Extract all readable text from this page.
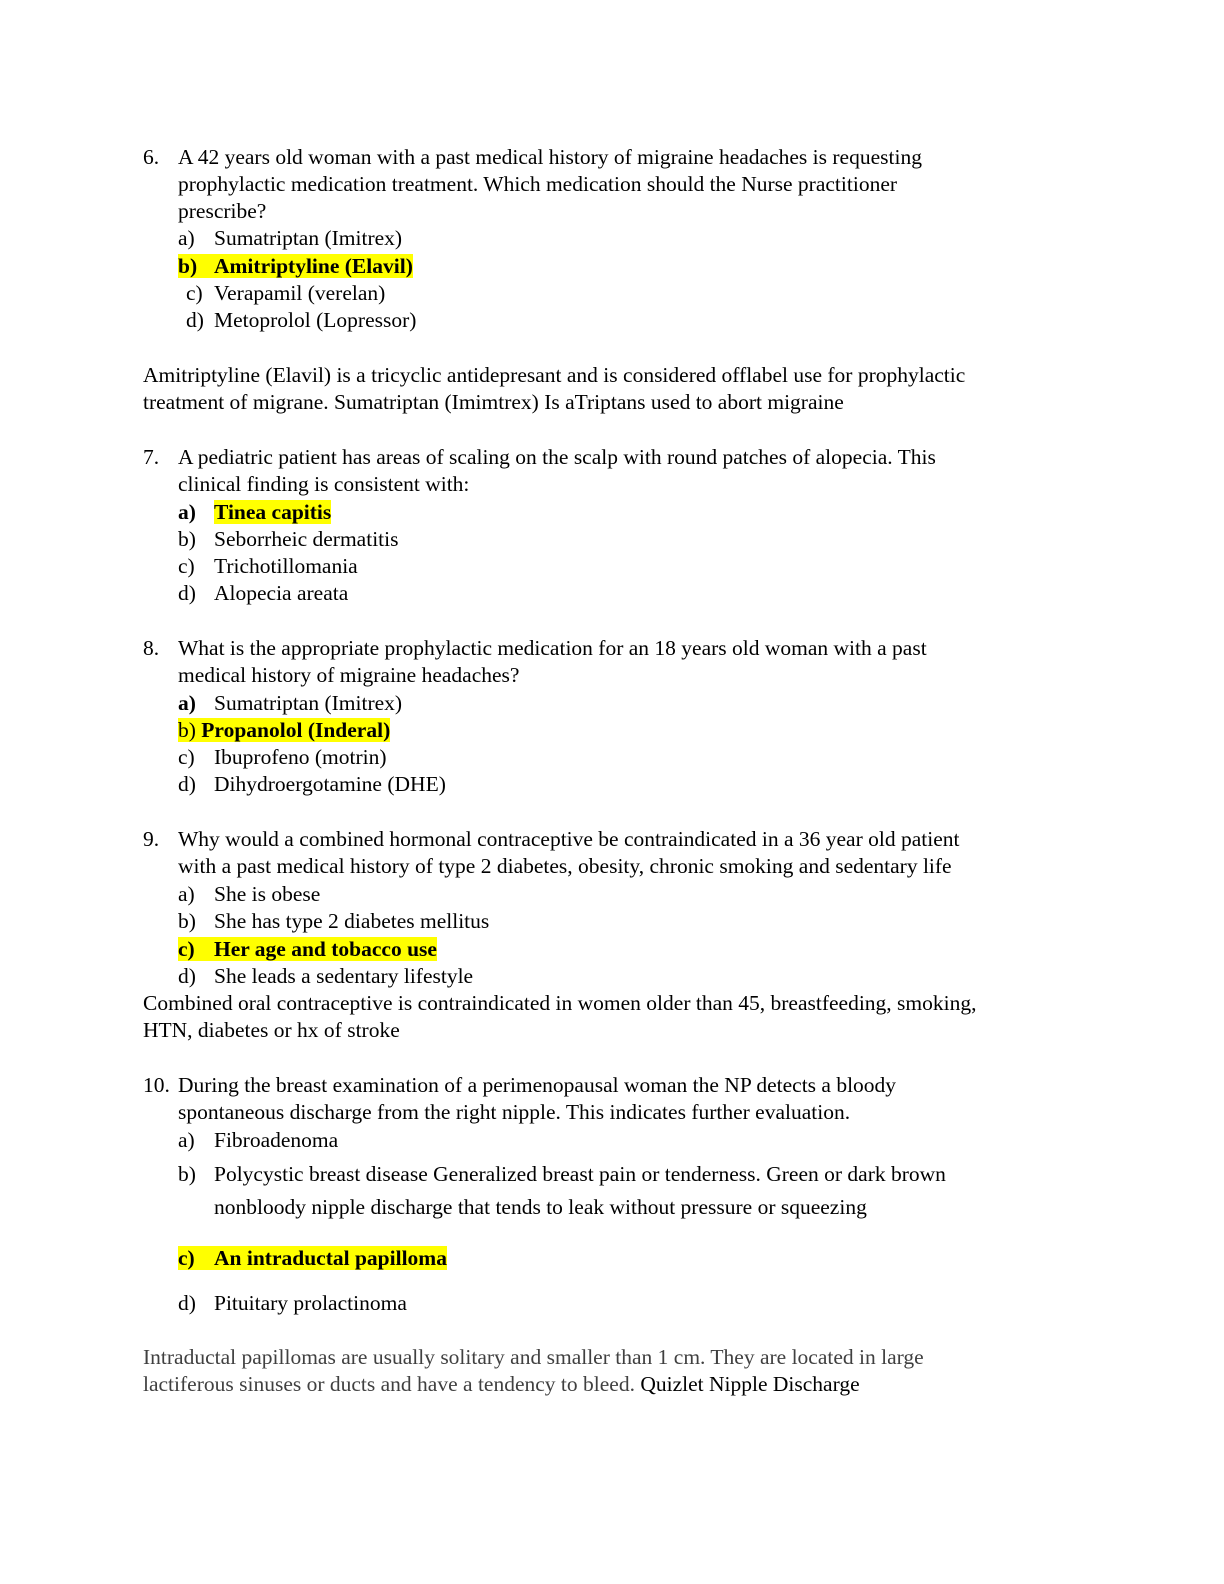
6. A 42 years old woman with a past medical history of migraine headaches is requesting
prophylactic medication treatment. Which medication should the Nurse practitioner
prescribe?
a) Sumatriptan (Imitrex)
b) Amitriptyline (Elavil)
c) Verapamil (verelan)
d) Metoprolol (Lopressor)
Amitriptyline (Elavil) is a tricyclic antidepresant and is considered offlabel use for prophylactic
treatment of migrane. Sumatriptan (Imimtrex) Is aTriptans used to abort migraine
7. A pediatric patient has areas of scaling on the scalp with round patches of alopecia. This
clinical finding is consistent with:
a) Tinea capitis
b) Seborrheic dermatitis
c) Trichotillomania
d) Alopecia areata
8. What is the appropriate prophylactic medication for an 18 years old woman with a past
medical history of migraine headaches?
a) Sumatriptan (Imitrex)
b) Propanolol (Inderal)
c) Ibuprofeno (motrin)
d) Dihydroergotamine (DHE)
9. Why would a combined hormonal contraceptive be contraindicated in a 36 year old patient
with a past medical history of type 2 diabetes, obesity, chronic smoking and sedentary life
a) She is obese
b) She has type 2 diabetes mellitus
c) Her age and tobacco use
d) She leads a sedentary lifestyle
Combined oral contraceptive is contraindicated in women older than 45, breastfeeding, smoking,
HTN, diabetes or hx of stroke
10. During the breast examination of a perimenopausal woman the NP detects a bloody
spontaneous discharge from the right nipple. This indicates further evaluation.
a) Fibroadenoma
b) Polycystic breast disease Generalized breast pain or tenderness. Green or dark brown
nonbloody nipple discharge that tends to leak without pressure or squeezing
c) An intraductal papilloma
d) Pituitary prolactinoma
Intraductal papillomas are usually solitary and smaller than 1 cm. They are located in large
lactiferous sinuses or ducts and have a tendency to bleed. Quizlet Nipple Discharge
